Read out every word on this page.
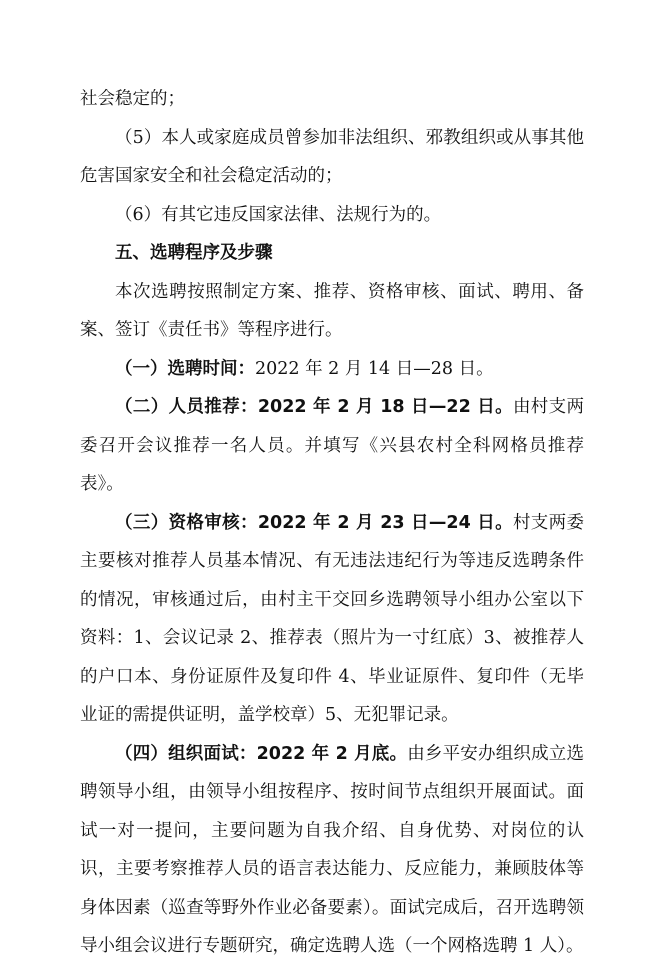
社会稳定的；

（5）本人或家庭成员曾参加非法组织、邪教组织或从事其他危害国家安全和社会稳定活动的；

（6）有其它违反国家法律、法规行为的。

五、选聘程序及步骤

本次选聘按照制定方案、推荐、资格审核、面试、聘用、备案、签订《责任书》等程序进行。

（一）选聘时间：2022 年 2 月 14 日—28 日。

（二）人员推荐：2022 年 2 月 18 日—22 日。由村支两委召开会议推荐一名人员。并填写《兴县农村全科网格员推荐表》。

（三）资格审核：2022 年 2 月 23 日—24 日。村支两委主要核对推荐人员基本情况、有无违法违纪行为等违反选聘条件的情况，审核通过后，由村主干交回乡选聘领导小组办公室以下资料：1、会议记录 2、推荐表（照片为一寸红底）3、被推荐人的户口本、身份证原件及复印件 4、毕业证原件、复印件（无毕业证的需提供证明，盖学校章）5、无犯罪记录。

（四）组织面试：2022 年 2 月底。由乡平安办组织成立选聘领导小组，由领导小组按程序、按时间节点组织开展面试。面试一对一提问，主要问题为自我介绍、自身优势、对岗位的认识，主要考察推荐人员的语言表达能力、反应能力，兼顾肢体等身体因素（巡查等野外作业必备要素）。面试完成后，召开选聘领导小组会议进行专题研究，确定选聘人选（一个网格选聘 1 人）。
